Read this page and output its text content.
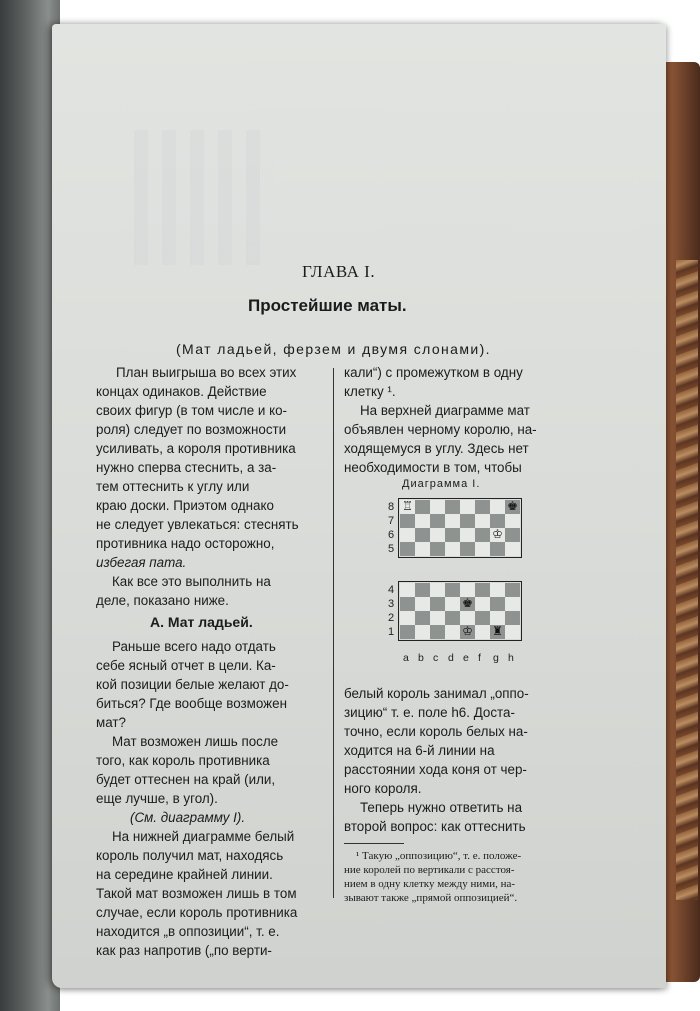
ГЛАВА I.
Простейшие маты.
(Мат ладьей, ферзем и двумя слонами).
План выигрыша во всех этих
концах одинаков. Действие
своих фигур (в том числе и ко-
роля) следует по возможности
усиливать, а короля противника
нужно сперва стеснить, а за-
тем оттеснить к углу или
краю доски. Приэтом однако
не следует увлекаться: стеснять
противника надо осторожно,
избегая пата.
Как все это выполнить на
деле, показано ниже.
А. Мат ладьей.
Раньше всего надо отдать
себе ясный отчет в цели. Ка-
кой позиции белые желают до-
биться? Где вообще возможен
мат?
Мат возможен лишь после
того, как король противника
будет оттеснен на край (или,
еще лучше, в угол).
(См. диаграмму I).
На нижней диаграмме белый
король получил мат, находясь
на середине крайней линии.
Такой мат возможен лишь в том
случае, если король противника
находится „в оппозиции“, т. е.
как раз напротив („по верти-
кали“) с промежутком в одну
клетку ¹.
На верхней диаграмме мат
объявлен черному королю, на-
ходящемуся в углу. Здесь нет
необходимости в том, чтобы
Диаграмма I.
белый король занимал „оппо-
зицию“ т. е. поле h6. Доста-
точно, если король белых на-
ходится на 6-й линии на
расстоянии хода коня от чер-
ного короля.
Теперь нужно ответить на
второй вопрос: как оттеснить
¹ Такую „оппозицию“, т. е. положе-
ние королей по вертикали с расстоя-
нием в одну клетку между ними, на-
зывают также „прямой оппозицией“.
♖	♚
♔
♚
♔ ♜
8
7
6
5
4
3
2
1
a b c d e f g h
